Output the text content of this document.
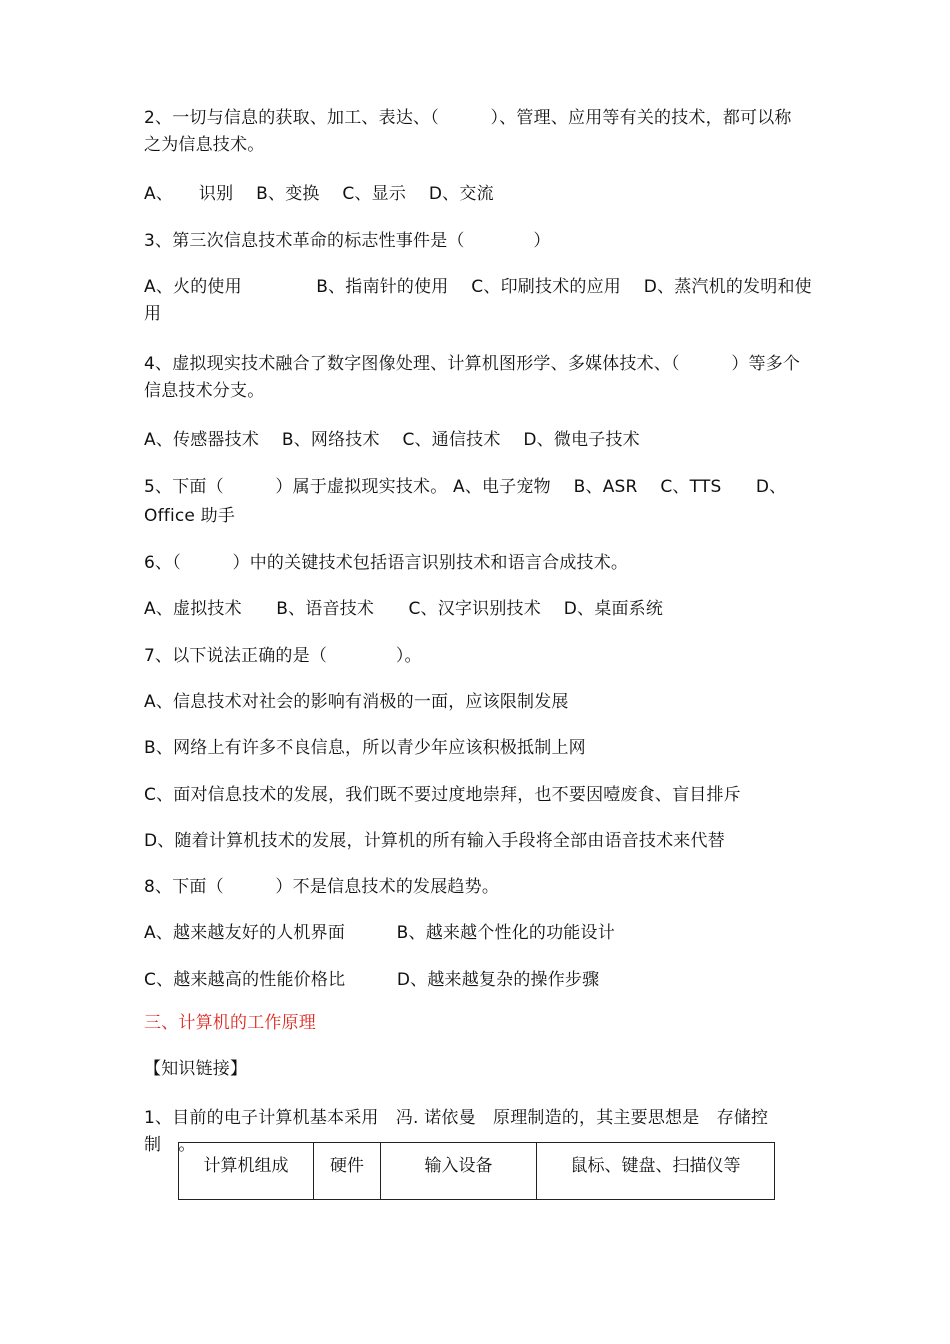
2、一切与信息的获取、加工、表达、（　　　）、管理、应用等有关的技术，都可以称
之为信息技术。
A、　　识别　 B、变换　 C、显示　 D、交流
3、第三次信息技术革命的标志性事件是（　　　　）
A、火的使用　　　　 B、指南针的使用　 C、印刷技术的应用　 D、蒸汽机的发明和使
用
4、虚拟现实技术融合了数字图像处理、计算机图形学、多媒体技术、（　　　）等多个
信息技术分支。
A、传感器技术　 B、网络技术　 C、通信技术　 D、微电子技术
5、下面（　　　）属于虚拟现实技术。 A、电子宠物　 B、ASR　 C、TTS　　D、
Office 助手
6、（　　　）中的关键技术包括语言识别技术和语言合成技术。
A、虚拟技术　　B、语音技术　　C、汉字识别技术　 D、桌面系统
7、以下说法正确的是（　　　　）。
A、信息技术对社会的影响有消极的一面，应该限制发展
B、网络上有许多不良信息，所以青少年应该积极抵制上网
C、面对信息技术的发展，我们既不要过度地崇拜，也不要因噎废食、盲目排斥
D、随着计算机技术的发展，计算机的所有输入手段将全部由语音技术来代替
8、下面（　　　）不是信息技术的发展趋势。
A、越来越友好的人机界面　　　B、越来越个性化的功能设计
C、越来越高的性能价格比　　　D、越来越复杂的操作步骤
三、计算机的工作原理
【知识链接】
1、目前的电子计算机基本采用　冯. 诺依曼　原理制造的，其主要思想是　存储控制　。
计算机组成	硬件	输入设备	鼠标、键盘、扫描仪等
